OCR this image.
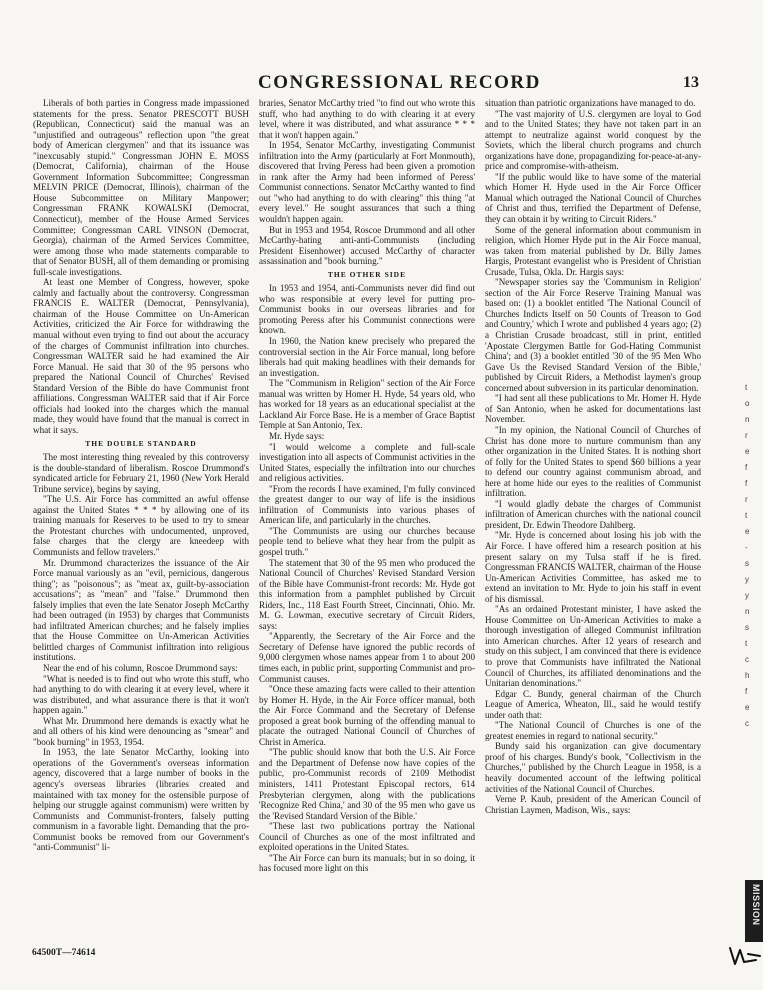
CONGRESSIONAL RECORD	13

Liberals of both parties in Congress made impassioned statements for the press. Senator PRESCOTT BUSH (Republican, Connecticut) said the manual was an "unjustified and outrageous" reflection upon "the great body of American clergymen" and that its issuance was "inexcusably stupid." Congressman JOHN E. MOSS (Democrat, California), chairman of the House Government Information Subcommittee; Congressman MELVIN PRICE (Democrat, Illinois), chairman of the House Subcommittee on Military Manpower; Congressman FRANK KOWALSKI (Democrat, Connecticut), member of the House Armed Services Committee; Congressman CARL VINSON (Democrat, Georgia), chairman of the Armed Services Committee, were among those who made statements comparable to that of Senator BUSH, all of them demanding or promising full-scale investigations.

At least one Member of Congress, however, spoke calmly and factually about the controversy. Congressman FRANCIS E. WALTER (Democrat, Pennsylvania), chairman of the House Committee on Un-American Activities, criticized the Air Force for withdrawing the manual without even trying to find out about the accuracy of the charges of Communist infiltration into churches. Congressman WALTER said he had examined the Air Force Manual. He said that 30 of the 95 persons who prepared the National Council of Churches' Revised Standard Version of the Bible do have Communist front affiliations. Congressman WALTER said that if Air Force officials had looked into the charges which the manual made, they would have found that the manual is correct in what it says.

THE DOUBLE STANDARD

The most interesting thing revealed by this controversy is the double-standard of liberalism. Roscoe Drummond's syndicated article for February 21, 1960 (New York Herald Tribune service), begins by saying,

"The U.S. Air Force has committed an awful offense against the United States * * * by allowing one of its training manuals for Reserves to be used to try to smear the Protestant churches with undocumented, unproved, false charges that the clergy are kneedeep with Communists and fellow travelers."

Mr. Drummond characterizes the issuance of the Air Force manual variously as an "evil, pernicious, dangerous thing"; as "poisonous"; as "meat ax, guilt-by-association accusations"; as "mean" and "false." Drummond then falsely implies that even the late Senator Joseph McCarthy had been outraged (in 1953) by charges that Communists had infiltrated American churches; and he falsely implies that the House Committee on Un-American Activities belittled charges of Communist infiltration into religious institutions.

Near the end of his column, Roscoe Drummond says:

"What is needed is to find out who wrote this stuff, who had anything to do with clearing it at every level, where it was distributed, and what assurance there is that it won't happen again."

What Mr. Drummond here demands is exactly what he and all others of his kind were denouncing as "smear" and "book burning" in 1953, 1954.

In 1953, the late Senator McCarthy, looking into operations of the Government's overseas information agency, discovered that a large number of books in the agency's overseas libraries (libraries created and maintained with tax money for the ostensible purpose of helping our struggle against communism) were written by Communists and Communist-fronters, falsely putting communism in a favorable light. Demanding that the pro-Communist books be removed from our Government's "anti-Communist" li-

braries, Senator McCarthy tried "to find out who wrote this stuff, who had anything to do with clearing it at every level, where it was distributed, and what assurance * * * that it won't happen again."

In 1954, Senator McCarthy, investigating Communist infiltration into the Army (particularly at Fort Monmouth), discovered that Irving Peress had been given a promotion in rank after the Army had been informed of Peress' Communist connections. Senator McCarthy wanted to find out "who had anything to do with clearing" this thing "at every level." He sought assurances that such a thing wouldn't happen again.

But in 1953 and 1954, Roscoe Drummond and all other McCarthy-hating anti-anti-Communists (including President Eisenhower) accused McCarthy of character assassination and "book burning."

THE OTHER SIDE

In 1953 and 1954, anti-Communists never did find out who was responsible at every level for putting pro-Communist books in our overseas libraries and for promoting Peress after his Communist connections were known.

In 1960, the Nation knew precisely who prepared the controversial section in the Air Force manual, long before liberals had quit making headlines with their demands for an investigation.

The "Communism in Religion" section of the Air Force manual was written by Homer H. Hyde, 54 years old, who has worked for 18 years as an educational specialist at the Lackland Air Force Base. He is a member of Grace Baptist Temple at San Antonio, Tex.

Mr. Hyde says:

"I would welcome a complete and full-scale investigation into all aspects of Communist activities in the United States, especially the infiltration into our churches and religious activities.

"From the records I have examined, I'm fully convinced the greatest danger to our way of life is the insidious infiltration of Communists into various phases of American life, and particularly in the churches.

"The Communists are using our churches because people tend to believe what they hear from the pulpit as gospel truth."

The statement that 30 of the 95 men who produced the National Council of Churches' Revised Standard Version of the Bible have Communist-front records: Mr. Hyde got this information from a pamphlet published by Circuit Riders, Inc., 118 East Fourth Street, Cincinnati, Ohio. Mr. M. G. Lowman, executive secretary of Circuit Riders, says:

"Apparently, the Secretary of the Air Force and the Secretary of Defense have ignored the public records of 9,000 clergymen whose names appear from 1 to about 200 times each, in public print, supporting Communist and pro-Communist causes.

"Once these amazing facts were called to their attention by Homer H. Hyde, in the Air Force officer manual, both the Air Force Command and the Secretary of Defense proposed a great book burning of the offending manual to placate the outraged National Council of Churches of Christ in America.

"The public should know that both the U.S. Air Force and the Department of Defense now have copies of the public, pro-Communist records of 2109 Methodist ministers, 1411 Protestant Episcopal rectors, 614 Presbyterian clergymen, along with the publications 'Recognize Red China,' and 30 of the 95 men who gave us the 'Revised Standard Version of the Bible.'

"These last two publications portray the National Council of Churches as one of the most infiltrated and exploited operations in the United States.

"The Air Force can burn its manuals; but in so doing, it has focused more light on this

situation than patriotic organizations have managed to do.

"The vast majority of U.S. clergymen are loyal to God and to the United States; they have not taken part in an attempt to neutralize against world conquest by the Soviets, which the liberal church programs and church organizations have done, propagandizing for-peace-at-any-price and compromise-with-atheism.

"If the public would like to have some of the material which Homer H. Hyde used in the Air Force Officer Manual which outraged the National Council of Churches of Christ and thus, terrified the Department of Defense, they can obtain it by writing to Circuit Riders."

Some of the general information about communism in religion, which Homer Hyde put in the Air Force manual, was taken from material published by Dr. Billy James Hargis, Protestant evangelist who is President of Christian Crusade, Tulsa, Okla. Dr. Hargis says:

"Newspaper stories say the 'Communism in Religion' section of the Air Force Reserve Training Manual was based on: (1) a booklet entitled 'The National Council of Churches Indicts Itself on 50 Counts of Treason to God and Country,' which I wrote and published 4 years ago; (2) a Christian Crusade broadcast, still in print, entitled 'Apostate Clergymen Battle for God-Hating Communist China'; and (3) a booklet entitled '30 of the 95 Men Who Gave Us the Revised Standard Version of the Bible,' published by Circuit Riders, a Methodist laymen's group concerned about subversion in its particular denomination.

"I had sent all these publications to Mr. Homer H. Hyde of San Antonio, when he asked for documentations last November.

"In my opinion, the National Council of Churches of Christ has done more to nurture communism than any other organization in the United States. It is nothing short of folly for the United States to spend $60 billions a year to defend our country against communism abroad, and here at home hide our eyes to the realities of Communist infiltration.

"I would gladly debate the charges of Communist infiltration of American churches with the national council president, Dr. Edwin Theodore Dahlberg.

"Mr. Hyde is concerned about losing his job with the Air Force. I have offered him a research position at his present salary on my Tulsa staff if he is fired. Congressman FRANCIS WALTER, chairman of the House Un-American Activities Committee, has asked me to extend an invitation to Mr. Hyde to join his staff in event of his dismissal.

"As an ordained Protestant minister, I have asked the House Committee on Un-American Activities to make a thorough investigation of alleged Communist infiltration into American churches. After 12 years of research and study on this subject, I am convinced that there is evidence to prove that Communists have infiltrated the National Council of Churches, its affiliated denominations and the Unitarian denominations."

Edgar C. Bundy, general chairman of the Church League of America, Wheaton, Ill., said he would testify under oath that:

"The National Council of Churches is one of the greatest enemies in regard to national security."

Bundy said his organization can give documentary proof of his charges. Bundy's book, "Collectivism in the Churches," published by the Church League in 1958, is a heavily documented account of the leftwing political activities of the National Council of Churches.

Verne P. Kaub, president of the American Council of Christian Laymen, Madison, Wis., says:

64500T—74614
t
o
n
r
e
f
f
r
t
e
-
s
y
y
n
s
t
c
h
f
e
c
MISSION
